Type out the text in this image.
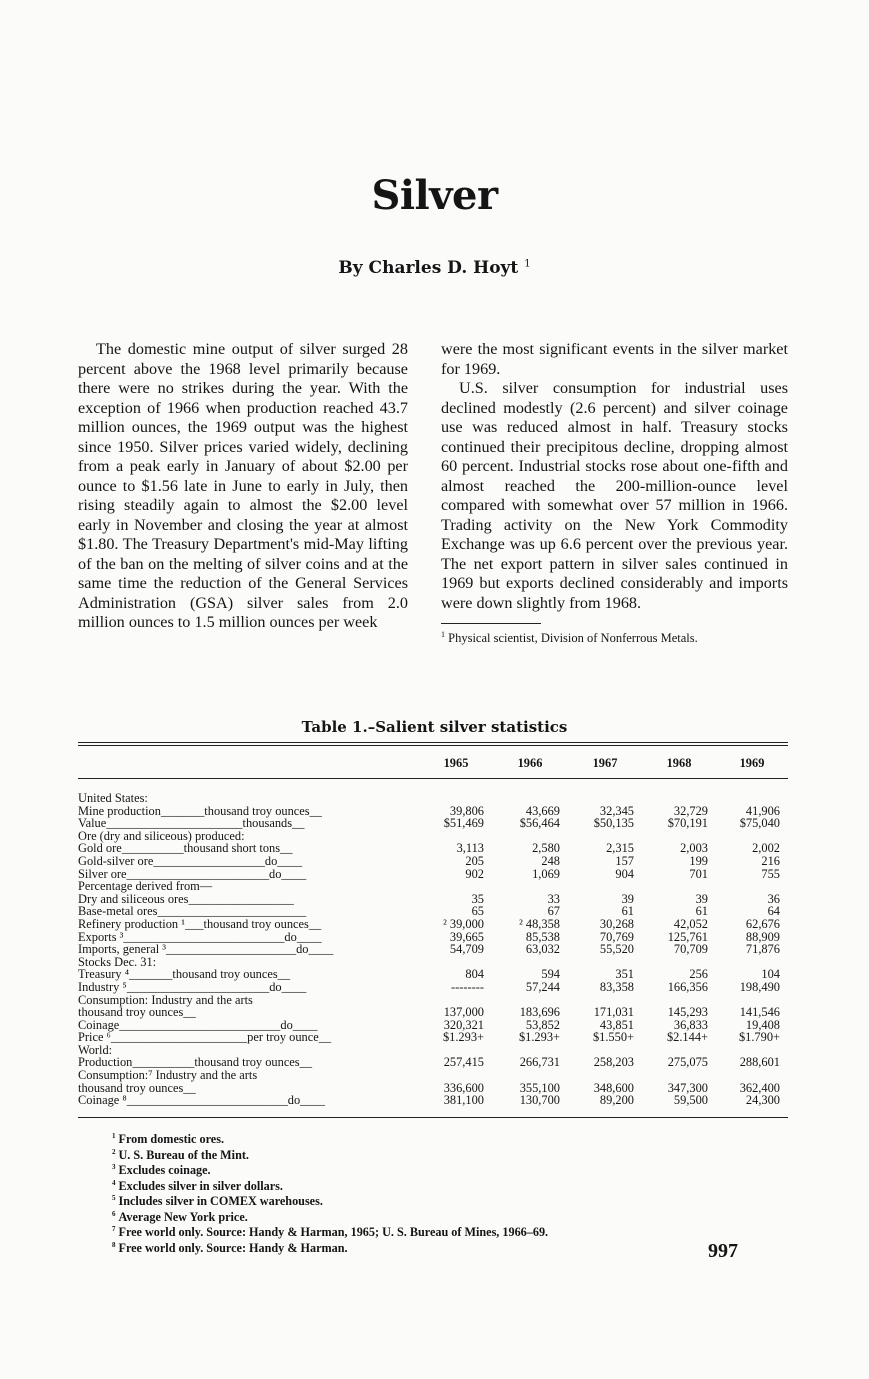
Silver
By Charles D. Hoyt $^1$

The domestic mine output of silver surged 28 percent above the 1968 level primarily because there were no strikes during the year. With the exception of 1966 when production reached 43.7 million ounces, the 1969 output was the highest since 1950. Silver prices varied widely, declining from a peak early in January of about $2.00 per ounce to $1.56 late in June to early in July, then rising steadily again to almost the $2.00 level early in November and closing the year at almost $1.80. The Treasury Department's mid-May lifting of the ban on the melting of silver coins and at the same time the reduction of the General Services Administration (GSA) silver sales from 2.0 million ounces to 1.5 million ounces per week

were the most significant events in the silver market for 1969.

U.S. silver consumption for industrial uses declined modestly (2.6 percent) and silver coinage use was reduced almost in half. Treasury stocks continued their precipitous decline, dropping almost 60 percent. Industrial stocks rose about one-fifth and almost reached the 200-million-ounce level compared with somewhat over 57 million in 1966. Trading activity on the New York Commodity Exchange was up 6.6 percent over the previous year. The net export pattern in silver sales continued in 1969 but exports declined considerably and imports were down slightly from 1968.

$^1$ Physical scientist, Division of Nonferrous Metals.
Table 1.–Salient silver statistics
	1965	1966	1967	1968	1969

United States:					
Mine production_______thousand troy ounces__	39,806	43,669	32,345	32,729	41,906
Value______________________thousands__	$51,469	$56,464	$50,135	$70,191	$75,040
Ore (dry and siliceous) produced:					
Gold ore__________thousand short tons__	3,113	2,580	2,315	2,003	2,002
Gold-silver ore__________________do____	205	248	157	199	216
Silver ore_______________________do____	902	1,069	904	701	755
Percentage derived from—					
Dry and siliceous ores_________________	35	33	39	39	36
Base-metal ores________________________	65	67	61	61	64
Refinery production ¹___thousand troy ounces__	² 39,000	² 48,358	30,268	42,052	62,676
Exports ³__________________________do____	39,665	85,538	70,769	125,761	88,909
Imports, general ³_____________________do____	54,709	63,032	55,520	70,709	71,876
Stocks Dec. 31:					
Treasury ⁴_______thousand troy ounces__	804	594	351	256	104
Industry ⁵_______________________do____	--------	57,244	83,358	166,356	198,490
Consumption: Industry and the arts					
thousand troy ounces__	137,000	183,696	171,031	145,293	141,546
Coinage__________________________do____	320,321	53,852	43,851	36,833	19,408
Price ⁶______________________per troy ounce__	$1.293+	$1.293+	$1.550+	$2.144+	$1.790+
World:					
Production__________thousand troy ounces__	257,415	266,731	258,203	275,075	288,601
Consumption:⁷ Industry and the arts					
thousand troy ounces__	336,600	355,100	348,600	347,300	362,400
Coinage ⁸__________________________do____	381,100	130,700	89,200	59,500	24,300
$^1$ From domestic ores.
$^2$ U. S. Bureau of the Mint.
$^3$ Excludes coinage.
$^4$ Excludes silver in silver dollars.
$^5$ Includes silver in COMEX warehouses.
$^6$ Average New York price.
$^7$ Free world only. Source: Handy & Harman, 1965; U. S. Bureau of Mines, 1966–69.
$^8$ Free world only. Source: Handy & Harman.	997
